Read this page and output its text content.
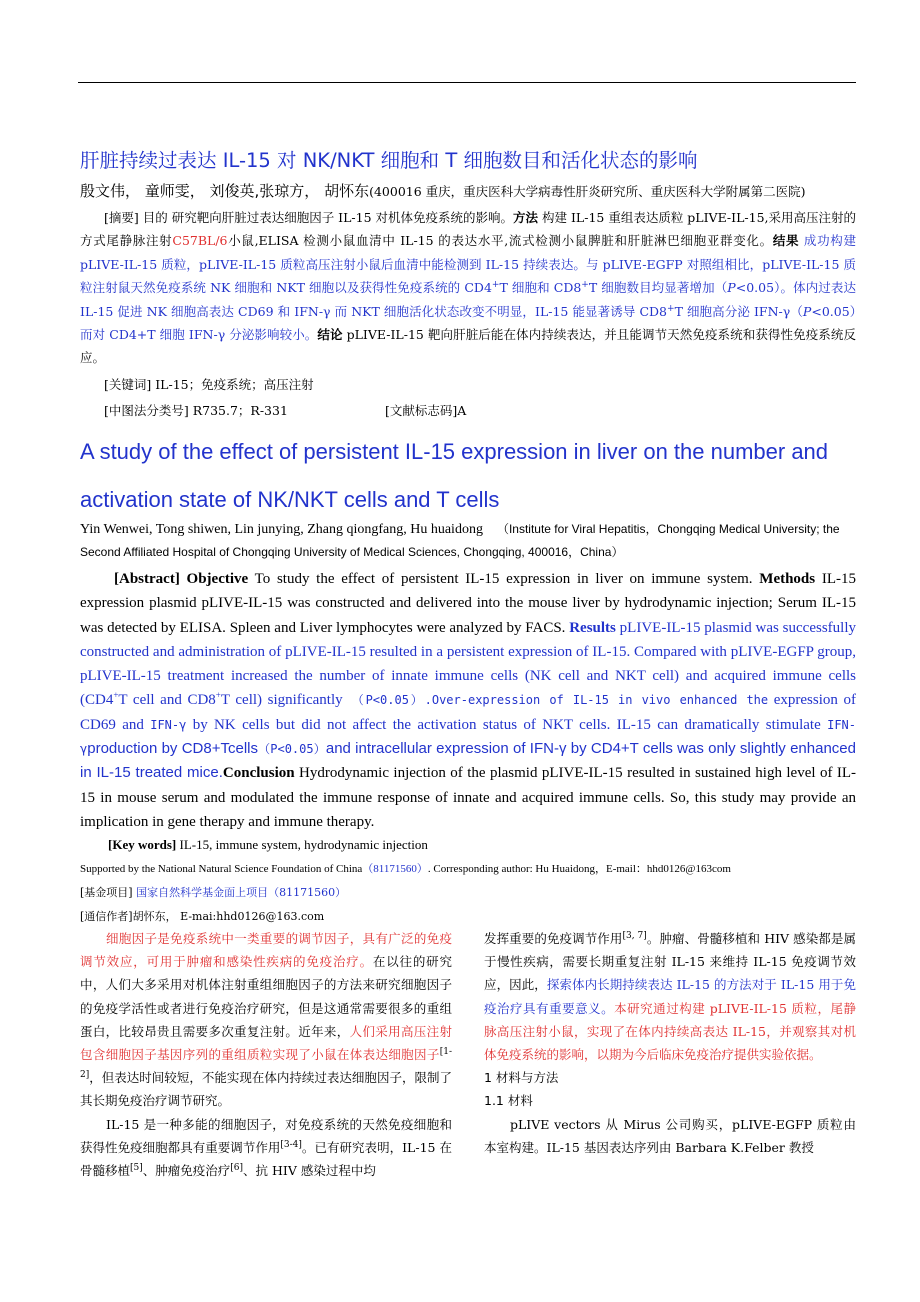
肝脏持续过表达 IL-15 对 NK/NKT 细胞和 T 细胞数目和活化状态的影响
殷文伟， 童师雯， 刘俊英,张琼方， 胡怀东(400016 重庆，重庆医科大学病毒性肝炎研究所、重庆医科大学附属第二医院)

[摘要] 目的 研究靶向肝脏过表达细胞因子 IL-15 对机体免疫系统的影响。方法 构建 IL-15 重组表达质粒 pLIVE-IL-15,采用高压注射的方式尾静脉注射C57BL/6小鼠,ELISA 检测小鼠血清中 IL-15 的表达水平,流式检测小鼠脾脏和肝脏淋巴细胞亚群变化。结果 成功构建 pLIVE-IL-15 质粒，pLIVE-IL-15 质粒高压注射小鼠后血清中能检测到 IL-15 持续表达。与 pLIVE-EGFP 对照组相比，pLIVE-IL-15 质粒注射鼠天然免疫系统 NK 细胞和 NKT 细胞以及获得性免疫系统的 CD4+T 细胞和 CD8+T 细胞数目均显著增加（P<0.05）。体内过表达 IL-15 促进 NK 细胞高表达 CD69 和 IFN-γ 而 NKT 细胞活化状态改变不明显，IL-15 能显著诱导 CD8+T 细胞高分泌 IFN-γ（P<0.05）而对 CD4+T 细胞 IFN-γ 分泌影响较小。结论 pLIVE-IL-15 靶向肝脏后能在体内持续表达，并且能调节天然免疫系统和获得性免疫系统反应。

[关键词] IL-15；免疫系统；高压注射
[中图法分类号] R735.7；R-331	[文献标志码]A
A study of the effect of persistent IL-15 expression in liver on the number and
activation state of NK/NKT cells and T cells
Yin Wenwei, Tong shiwen, Lin junying, Zhang qiongfang, Hu huaidong （Institute for Viral Hepatitis，Chongqing Medical University; the Second Affiliated Hospital of Chongqing University of Medical Sciences, Chongqing, 400016，China）
[Abstract] Objective To study the effect of persistent IL-15 expression in liver on immune system. Methods IL-15 expression plasmid pLIVE-IL-15 was constructed and delivered into the mouse liver by hydrodynamic injection; Serum IL-15 was detected by ELISA. Spleen and Liver lymphocytes were analyzed by FACS. Results pLIVE-IL-15 plasmid was successfully constructed and administration of pLIVE-IL-15 resulted in a persistent expression of IL-15. Compared with pLIVE-EGFP group, pLIVE-IL-15 treatment increased the number of innate immune cells (NK cell and NKT cell) and acquired immune cells (CD4+T cell and CD8+T cell) significantly （P<0.05）.Over-expression of IL-15 in vivo enhanced the expression of CD69 and IFN-γ by NK cells but did not affect the activation status of NKT cells. IL-15 can dramatically stimulate IFN-γproduction by CD8+Tcells（P<0.05）and intracellular expression of IFN-γ by CD4+T cells was only slightly enhanced in IL-15 treated mice.Conclusion Hydrodynamic injection of the plasmid pLIVE-IL-15 resulted in sustained high level of IL-15 in mouse serum and modulated the immune response of innate and acquired immune cells. So, this study may provide an implication in gene therapy and immune therapy.
[Key words] IL-15, immune system, hydrodynamic injection
Supported by the National Natural Science Foundation of China（81171560）. Corresponding author: Hu Huaidong，E-mail：hhd0126@163com
[基金项目] 国家自然科学基金面上项目（81171560）
[通信作者]胡怀东， E-mai:hhd0126@163.com

细胞因子是免疫系统中一类重要的调节因子，具有广泛的免疫调节效应，可用于肿瘤和感染性疾病的免疫治疗。在以往的研究中，人们大多采用对机体注射重组细胞因子的方法来研究细胞因子的免疫学活性或者进行免疫治疗研究，但是这通常需要很多的重组蛋白，比较昂贵且需要多次重复注射。近年来，人们采用高压注射包含细胞因子基因序列的重组质粒实现了小鼠在体表达细胞因子[1-2]，但表达时间较短，不能实现在体内持续过表达细胞因子，限制了其长期免疫治疗调节研究。

IL-15 是一种多能的细胞因子，对免疫系统的天然免疫细胞和获得性免疫细胞都具有重要调节作用[3-4]。已有研究表明，IL-15 在骨髓移植[5]、肿瘤免疫治疗[6]、抗 HIV 感染过程中均

发挥重要的免疫调节作用[3, 7]。肿瘤、骨髓移植和 HIV 感染都是属于慢性疾病，需要长期重复注射 IL-15 来维持 IL-15 免疫调节效应，因此，探索体内长期持续表达 IL-15 的方法对于 IL-15 用于免疫治疗具有重要意义。本研究通过构建 pLIVE-IL-15 质粒，尾静脉高压注射小鼠，实现了在体内持续高表达 IL-15，并观察其对机体免疫系统的影响，以期为今后临床免疫治疗提供实验依据。

1 材料与方法

1.1 材料

pLIVE vectors 从 Mirus 公司购买，pLIVE-EGFP 质粒由本室构建。IL-15 基因表达序列由 Barbara K.Felber 教授
